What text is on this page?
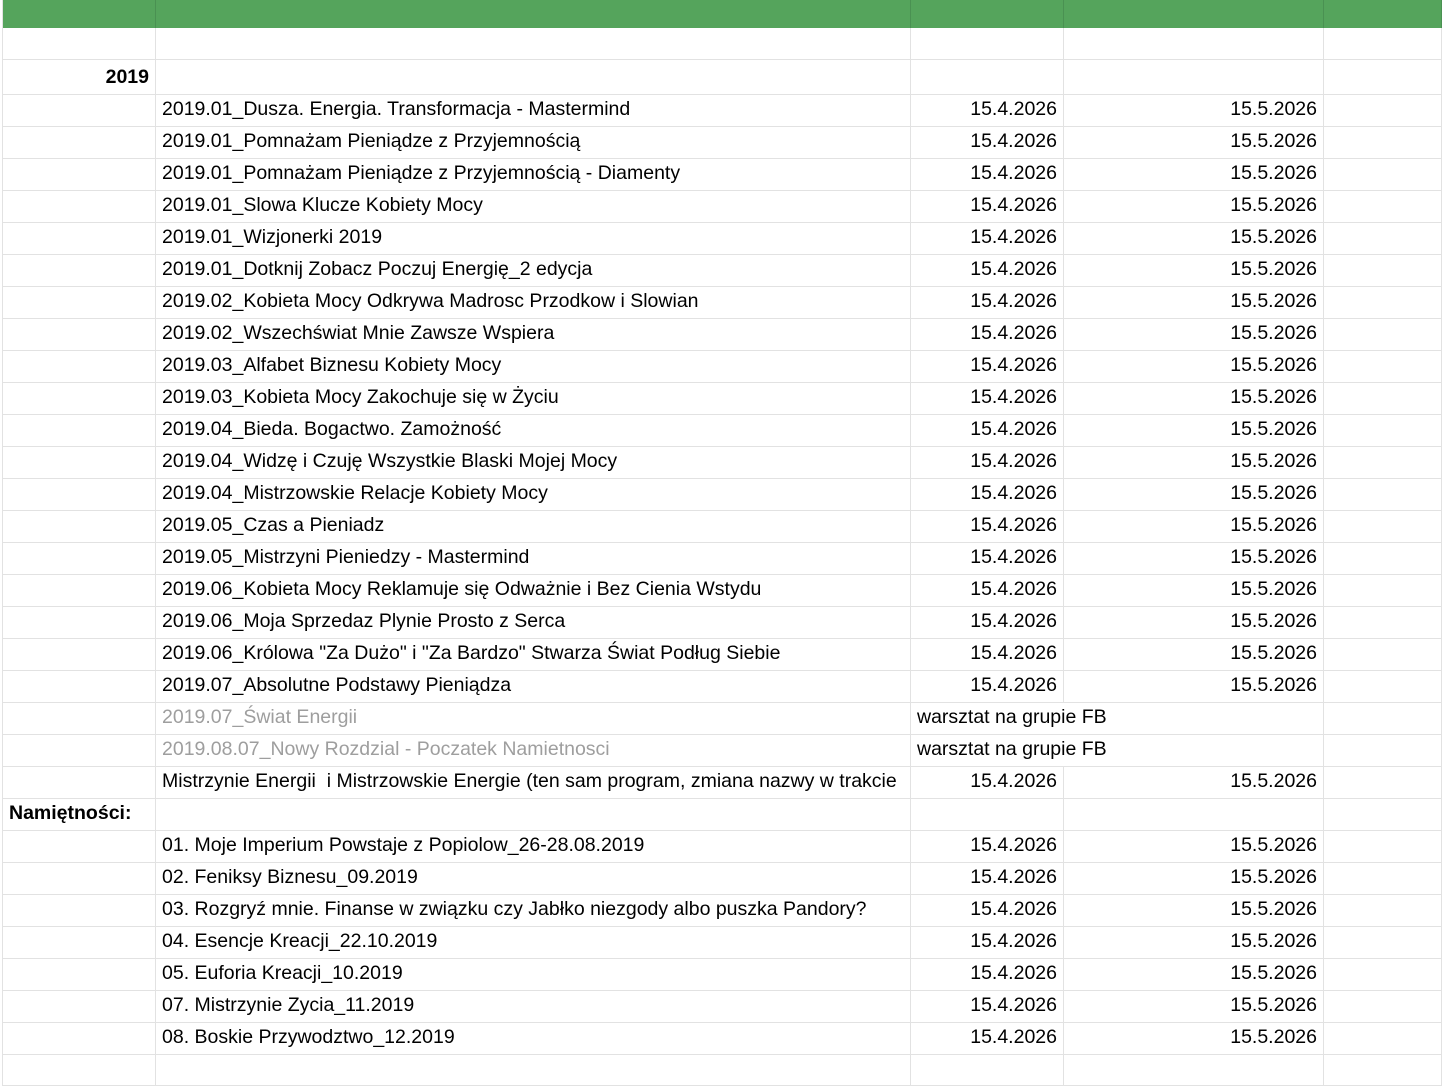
2019
2019.01_Dusza. Energia. Transformacja - Mastermind	15.4.2026	15.5.2026
2019.01_Pomnażam Pieniądze z Przyjemnością	15.4.2026	15.5.2026
2019.01_Pomnażam Pieniądze z Przyjemnością - Diamenty	15.4.2026	15.5.2026
2019.01_Slowa Klucze Kobiety Mocy	15.4.2026	15.5.2026
2019.01_Wizjonerki 2019	15.4.2026	15.5.2026
2019.01_Dotknij Zobacz Poczuj Energię_2 edycja	15.4.2026	15.5.2026
2019.02_Kobieta Mocy Odkrywa Madrosc Przodkow i Slowian	15.4.2026	15.5.2026
2019.02_Wszechświat Mnie Zawsze Wspiera	15.4.2026	15.5.2026
2019.03_Alfabet Biznesu Kobiety Mocy	15.4.2026	15.5.2026
2019.03_Kobieta Mocy Zakochuje się w Życiu	15.4.2026	15.5.2026
2019.04_Bieda. Bogactwo. Zamożność	15.4.2026	15.5.2026
2019.04_Widzę i Czuję Wszystkie Blaski Mojej Mocy	15.4.2026	15.5.2026
2019.04_Mistrzowskie Relacje Kobiety Mocy	15.4.2026	15.5.2026
2019.05_Czas a Pieniadz	15.4.2026	15.5.2026
2019.05_Mistrzyni Pieniedzy - Mastermind	15.4.2026	15.5.2026
2019.06_Kobieta Mocy Reklamuje się Odważnie i Bez Cienia Wstydu	15.4.2026	15.5.2026
2019.06_Moja Sprzedaz Plynie Prosto z Serca	15.4.2026	15.5.2026
2019.06_Królowa "Za Dużo" i "Za Bardzo" Stwarza Świat Podług Siebie	15.4.2026	15.5.2026
2019.07_Absolutne Podstawy Pieniądza	15.4.2026	15.5.2026
2019.07_Świat Energii	warsztat na grupie FB
2019.08.07_Nowy Rozdzial - Poczatek Namietnosci	warsztat na grupie FB
Mistrzynie Energii  i Mistrzowskie Energie (ten sam program, zmiana nazwy w trakcie	15.4.2026	15.5.2026
Namiętności:
01. Moje Imperium Powstaje z Popiolow_26-28.08.2019	15.4.2026	15.5.2026
02. Feniksy Biznesu_09.2019	15.4.2026	15.5.2026
03. Rozgryź mnie. Finanse w związku czy Jabłko niezgody albo puszka Pandory?	15.4.2026	15.5.2026
04. Esencje Kreacji_22.10.2019	15.4.2026	15.5.2026
05. Euforia Kreacji_10.2019	15.4.2026	15.5.2026
07. Mistrzynie Zycia_11.2019	15.4.2026	15.5.2026
08. Boskie Przywodztwo_12.2019	15.4.2026	15.5.2026
